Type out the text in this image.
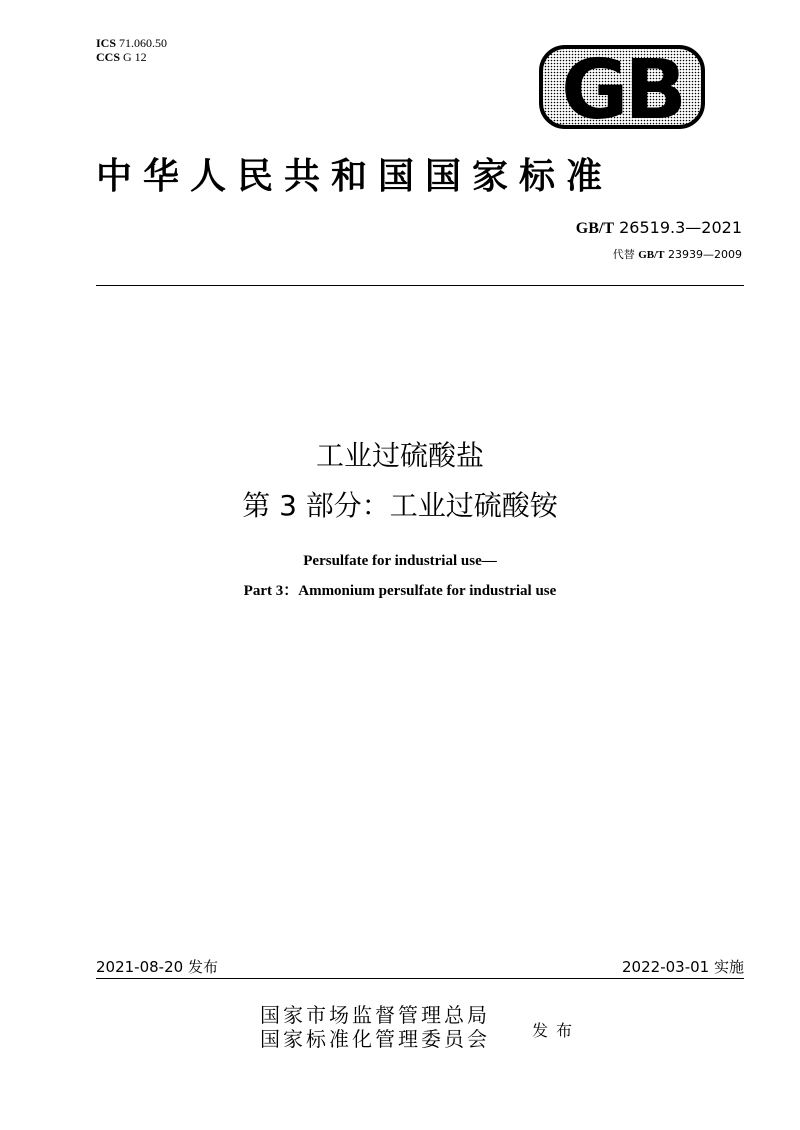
ICS 71.060.50
CCS G 12	GB
中华人民共和国国家标准
GB/T 26519.3—2021
代替 GB/T 23939—2009
工业过硫酸盐
第 3 部分：工业过硫酸铵
Persulfate for industrial use—
Part 3：Ammonium persulfate for industrial use
2021-08-20 发布	2022-03-01 实施
国家市场监督管理总局
国家标准化管理委员会	发布
